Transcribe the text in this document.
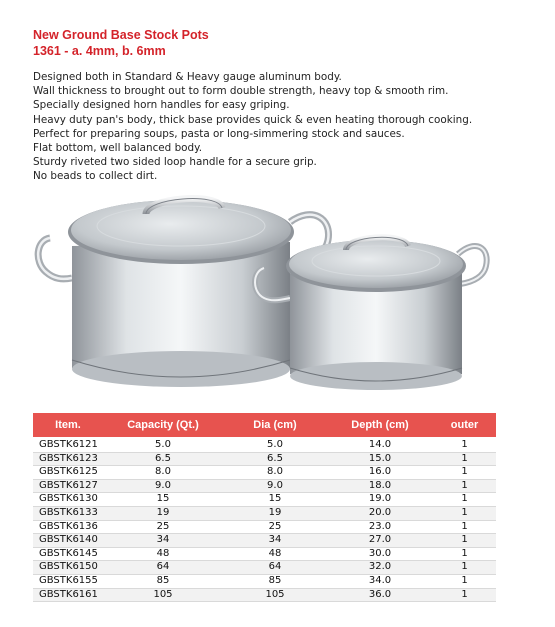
New Ground Base Stock Pots
1361 - a. 4mm, b. 6mm
Designed both in Standard & Heavy gauge aluminum body.
Wall thickness to brought out to form double strength, heavy top & smooth rim.
Specially designed horn handles for easy griping.
Heavy duty pan's body, thick base provides quick & even heating thorough cooking.
Perfect for preparing soups, pasta or long-simmering stock and sauces.
Flat bottom, well balanced body.
Sturdy riveted two sided loop handle for a secure grip.
No beads to collect dirt.
Item.	Capacity (Qt.)	Dia (cm)	Depth (cm)	outer
GBSTK6121	5.0	5.0	14.0	1
GBSTK6123	6.5	6.5	15.0	1
GBSTK6125	8.0	8.0	16.0	1
GBSTK6127	9.0	9.0	18.0	1
GBSTK6130	15	15	19.0	1
GBSTK6133	19	19	20.0	1
GBSTK6136	25	25	23.0	1
GBSTK6140	34	34	27.0	1
GBSTK6145	48	48	30.0	1
GBSTK6150	64	64	32.0	1
GBSTK6155	85	85	34.0	1
GBSTK6161	105	105	36.0	1
